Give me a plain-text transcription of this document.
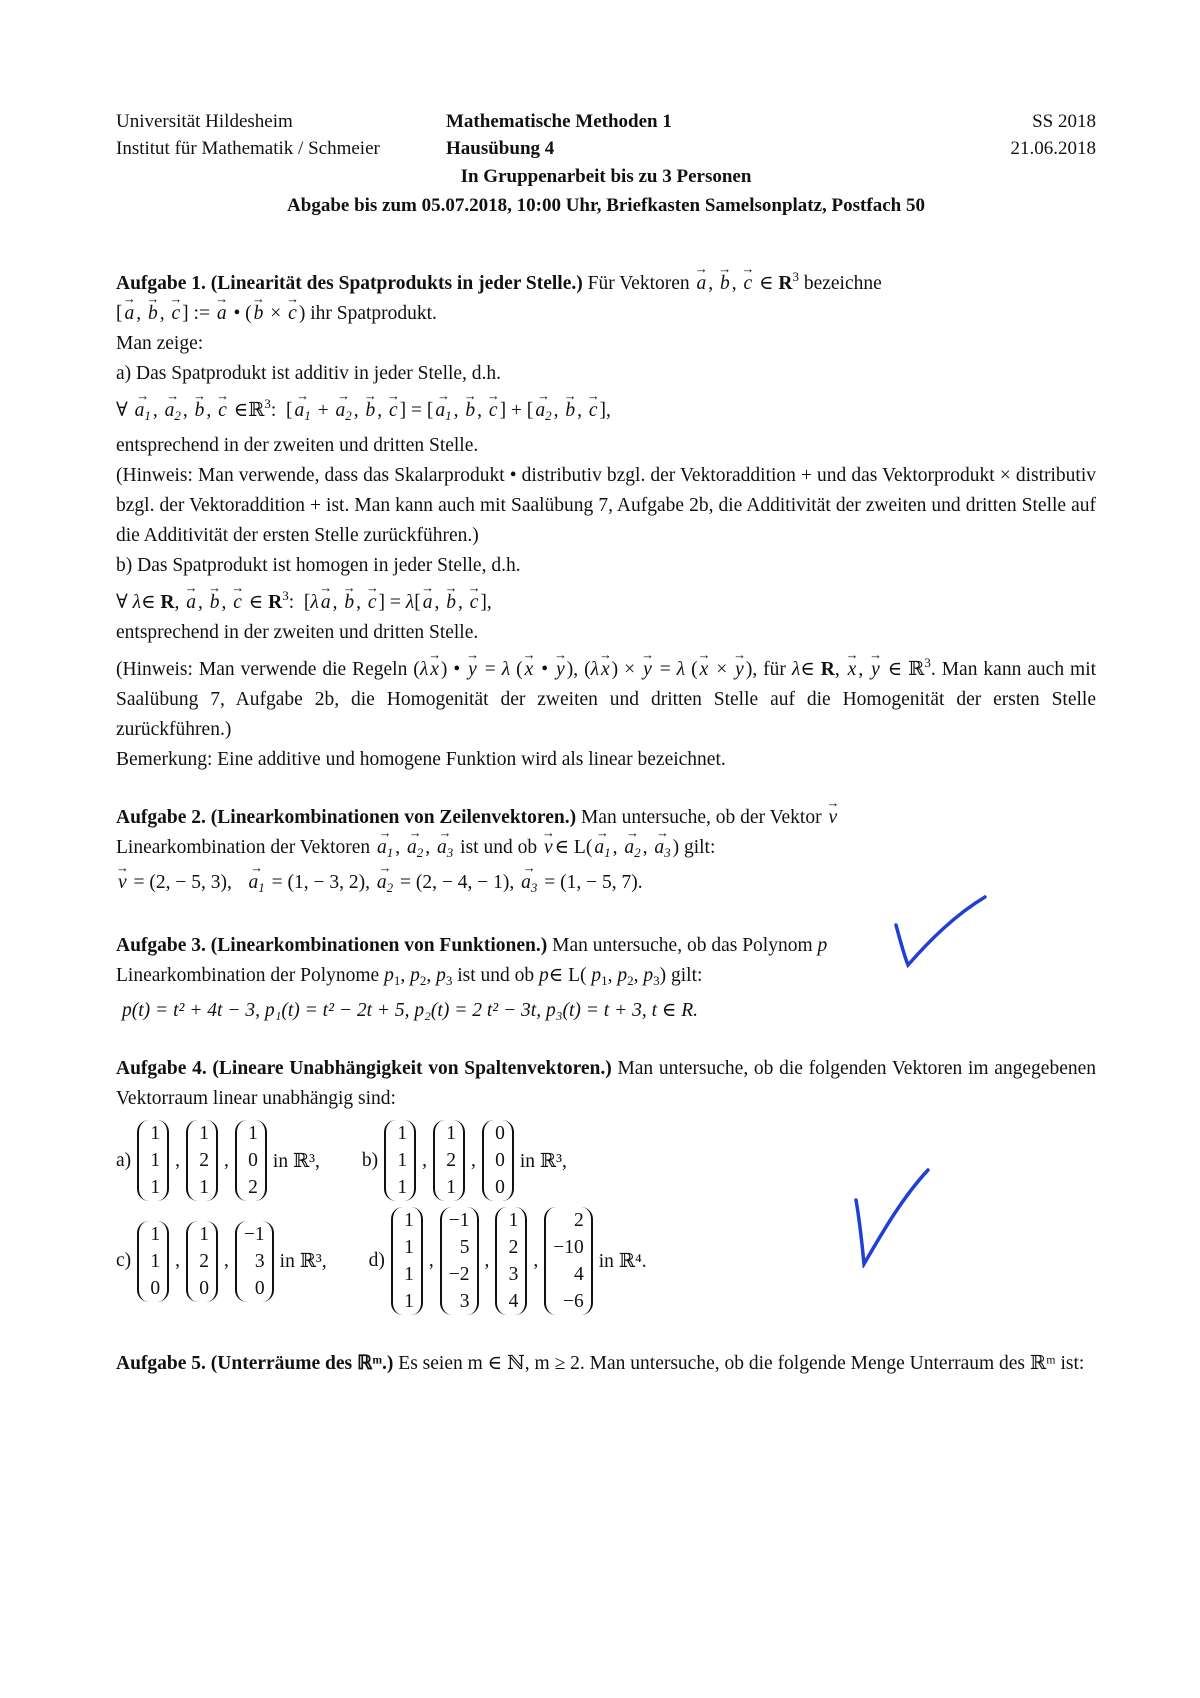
Universität Hildesheim	Mathematische Methoden 1	SS 2018
Institut für Mathematik / Schmeier	Hausübung 4	21.06.2018
In Gruppenarbeit bis zu 3 Personen
Abgabe bis zum 05.07.2018, 10:00 Uhr, Briefkasten Samelsonplatz, Postfach 50

Aufgabe 1. (Linearität des Spatprodukts in jeder Stelle.) Für Vektoren → a , → b , → c ∈ $R^3$ bezeichne

[ → a , → b , → c ] := → a • ( → b × → c ) ihr Spatprodukt.

Man zeige:

a) Das Spatprodukt ist additiv in jeder Stelle, d.h.

∀ → $a_1$ , → $a_2$ , → b , → c ∈ℝ$^3$:  [ → $a_1$ + → $a_2$ , → b , → c ] = [ → $a_1$ , → b , → c ] + [ → $a_2$ , → b , → c ],

entsprechend in der zweiten und dritten Stelle.

(Hinweis: Man verwende, dass das Skalarprodukt • distributiv bzgl. der Vektoraddition + und das Vektorprodukt × distributiv bzgl. der Vektoraddition + ist. Man kann auch mit Saalübung 7, Aufgabe 2b, die Additivität der zweiten und dritten Stelle auf die Additivität der ersten Stelle zurückführen.)

b) Das Spatprodukt ist homogen in jeder Stelle, d.h.

∀ λ∈ R, → a , → b , → c ∈ $R^3$:  [λ → a , → b , → c ] = λ[ → a , → b , → c ],

entsprechend in der zweiten und dritten Stelle.

(Hinweis: Man verwende die Regeln (λ → x ) • → y = λ ( → x • → y ), (λ → x ) × → y = λ ( → x × → y ), für λ∈ R, → x , → y ∈ ℝ$^3$. Man kann auch mit Saalübung 7, Aufgabe 2b, die Homogenität der zweiten und dritten Stelle auf die Homogenität der ersten Stelle zurückführen.)

Bemerkung: Eine additive und homogene Funktion wird als linear bezeichnet.

Aufgabe 2. (Linearkombinationen von Zeilenvektoren.) Man untersuche, ob der Vektor → v

Linearkombination der Vektoren → $a_1$ , → $a_2$ , → $a_3$ ist und ob → v ∈ $L( \to a_1$ , → $a_2$ , → $a_3$ ) gilt:

→ v = (2, − 5, 3), → $a_1 = (1$, − 3, 2), → $a_2 = (2$, − 4, − 1), → $a_3 = (1$, − 5, 7).

Aufgabe 3. (Linearkombinationen von Funktionen.) Man untersuche, ob das Polynom p

Linearkombination der Polynome $p_1$, $p_2$, $p_3$ ist und ob p∈ L( $p_1$, $p_2$, $p_3$) gilt:

p(t) = t² + 4t − 3, p₁(t) = t² − 2t + 5, p₂(t) = 2 t² − 3t, p₃(t) = t + 3, t ∈ R.

Aufgabe 4. (Lineare Unabhängigkeit von Spaltenvektoren.) Man untersuche, ob die folgenden Vektoren im angegebenen Vektorraum linear unabhängig sind:

a)
1
1
1
,
1
2
1
,
1
0
2
in ℝ³, b)
1
1
1
,
1
2
1
,
0
0
0
in ℝ³,
c)
1
1
0
,
1
2
0
,
−1
3
0
in ℝ³, d)
1
1
1
1
,
−1
5
−2
3
,
1
2
3
4
,
2
−10
4
−6
in ℝ⁴.

Aufgabe 5. (Unterräume des ℝᵐ.) Es seien m ∈ ℕ, m ≥ 2. Man untersuche, ob die folgende Menge Unterraum des ℝᵐ ist:
